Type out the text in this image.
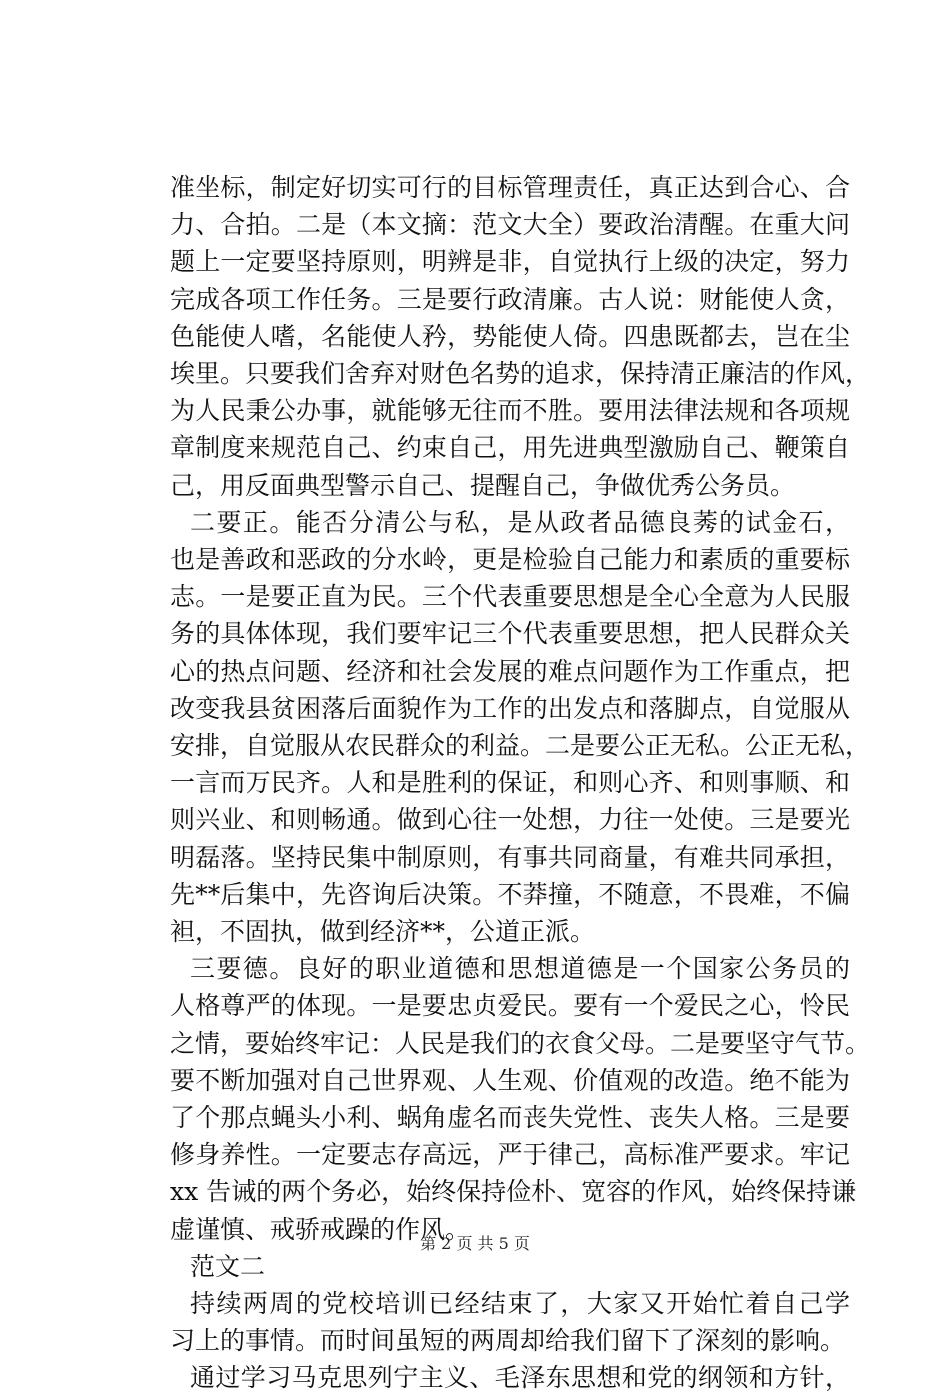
准坐标，制定好切实可行的目标管理责任，真正达到合心、合
力、合拍。二是（本文摘：范文大全）要政治清醒。在重大问
题上一定要坚持原则，明辨是非，自觉执行上级的决定，努力
完成各项工作任务。三是要行政清廉。古人说：财能使人贪，
色能使人嗜，名能使人矜，势能使人倚。四患既都去，岂在尘
埃里。只要我们舍弃对财色名势的追求，保持清正廉洁的作风，
为人民秉公办事，就能够无往而不胜。要用法律法规和各项规
章制度来规范自己、约束自己，用先进典型激励自己、鞭策自
己，用反面典型警示自己、提醒自己，争做优秀公务员。
二要正。能否分清公与私，是从政者品德良莠的试金石，
也是善政和恶政的分水岭，更是检验自己能力和素质的重要标
志。一是要正直为民。三个代表重要思想是全心全意为人民服
务的具体体现，我们要牢记三个代表重要思想，把人民群众关
心的热点问题、经济和社会发展的难点问题作为工作重点，把
改变我县贫困落后面貌作为工作的出发点和落脚点，自觉服从
安排，自觉服从农民群众的利益。二是要公正无私。公正无私，
一言而万民齐。人和是胜利的保证，和则心齐、和则事顺、和
则兴业、和则畅通。做到心往一处想，力往一处使。三是要光
明磊落。坚持民集中制原则，有事共同商量，有难共同承担，
先**后集中，先咨询后决策。不莽撞，不随意，不畏难，不偏
袒，不固执，做到经济**，公道正派。
三要德。良好的职业道德和思想道德是一个国家公务员的
人格尊严的体现。一是要忠贞爱民。要有一个爱民之心，怜民
之情，要始终牢记：人民是我们的衣食父母。二是要坚守气节。
要不断加强对自己世界观、人生观、价值观的改造。绝不能为
了个那点蝇头小利、蜗角虚名而丧失党性、丧失人格。三是要
修身养性。一定要志存高远，严于律己，高标准严要求。牢记
xx 告诫的两个务必，始终保持俭朴、宽容的作风，始终保持谦
虚谨慎、戒骄戒躁的作风。
范文二
持续两周的党校培训已经结束了，大家又开始忙着自己学
习上的事情。而时间虽短的两周却给我们留下了深刻的影响。
通过学习马克思列宁主义、毛泽东思想和党的纲领和方针，
第 2 页 共 5 页
